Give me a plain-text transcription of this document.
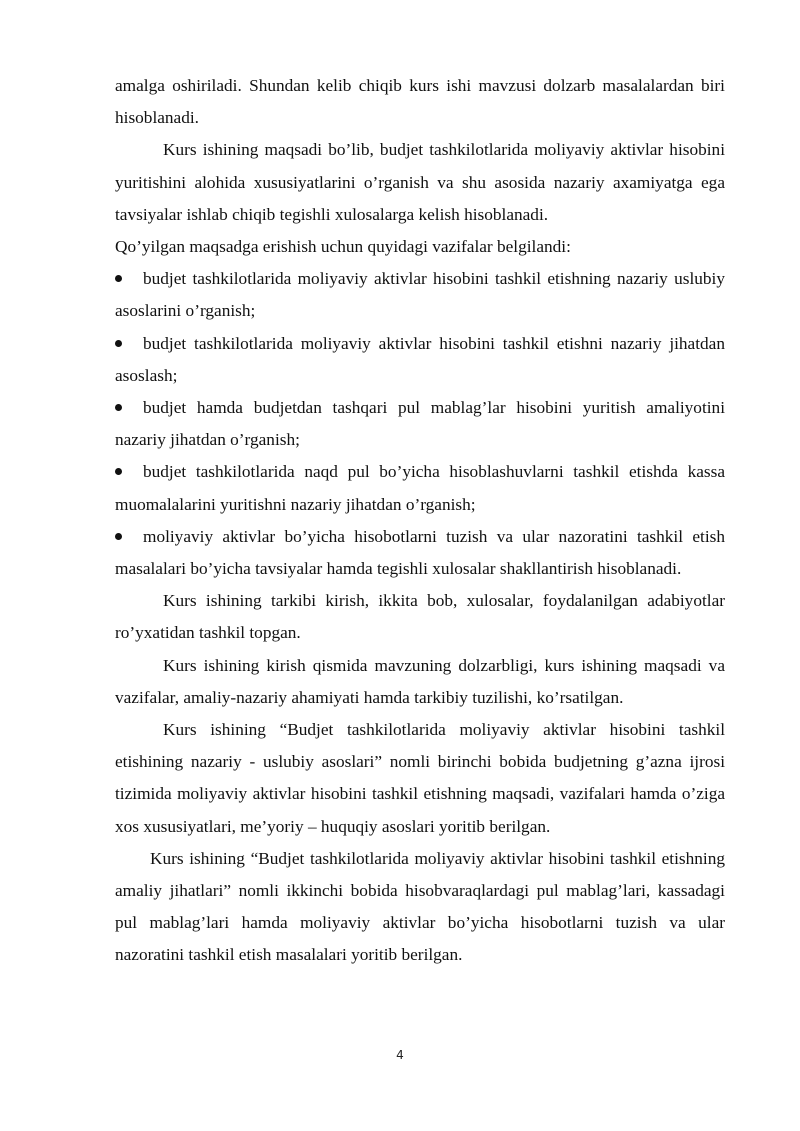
amalga oshiriladi. Shundan kelib chiqib kurs ishi mavzusi dolzarb masalalardan biri hisoblanadi.

Kurs ishining maqsadi bo’lib, budjet tashkilotlarida moliyaviy aktivlar hisobini yuritishini alohida xususiyatlarini o’rganish va shu asosida nazariy axamiyatga ega tavsiyalar ishlab chiqib tegishli xulosalarga kelish hisoblanadi.

Qo’yilgan maqsadga erishish uchun quyidagi vazifalar belgilandi:

budjet tashkilotlarida moliyaviy aktivlar hisobini tashkil etishning nazariy uslubiy asoslarini o’rganish;

budjet tashkilotlarida moliyaviy aktivlar hisobini tashkil etishni nazariy jihatdan asoslash;

budjet hamda budjetdan tashqari pul mablag’lar hisobini yuritish amaliyotini nazariy jihatdan o’rganish;

budjet tashkilotlarida naqd pul bo’yicha hisoblashuvlarni tashkil etishda kassa muomalalarini yuritishni nazariy jihatdan o’rganish;

moliyaviy aktivlar bo’yicha hisobotlarni tuzish va ular nazoratini tashkil etish masalalari bo’yicha tavsiyalar hamda tegishli xulosalar shakllantirish hisoblanadi.

Kurs ishining tarkibi kirish, ikkita bob, xulosalar, foydalanilgan adabiyotlar ro’yxatidan tashkil topgan.

Kurs ishining kirish qismida mavzuning dolzarbligi, kurs ishining maqsadi va vazifalar, amaliy-nazariy ahamiyati hamda tarkibiy tuzilishi, ko’rsatilgan.

Kurs ishining “Budjet tashkilotlarida moliyaviy aktivlar hisobini tashkil etishining nazariy - uslubiy asoslari” nomli birinchi bobida budjetning g’azna ijrosi tizimida moliyaviy aktivlar hisobini tashkil etishning maqsadi, vazifalari hamda o’ziga xos xususiyatlari, me’yoriy – huquqiy asoslari yoritib berilgan.

Kurs ishining “Budjet tashkilotlarida moliyaviy aktivlar hisobini tashkil etishning amaliy jihatlari” nomli ikkinchi bobida hisobvaraqlardagi pul mablag’lari, kassadagi pul mablag’lari hamda moliyaviy aktivlar bo’yicha hisobotlarni tuzish va ular nazoratini tashkil etish masalalari yoritib berilgan.

4
